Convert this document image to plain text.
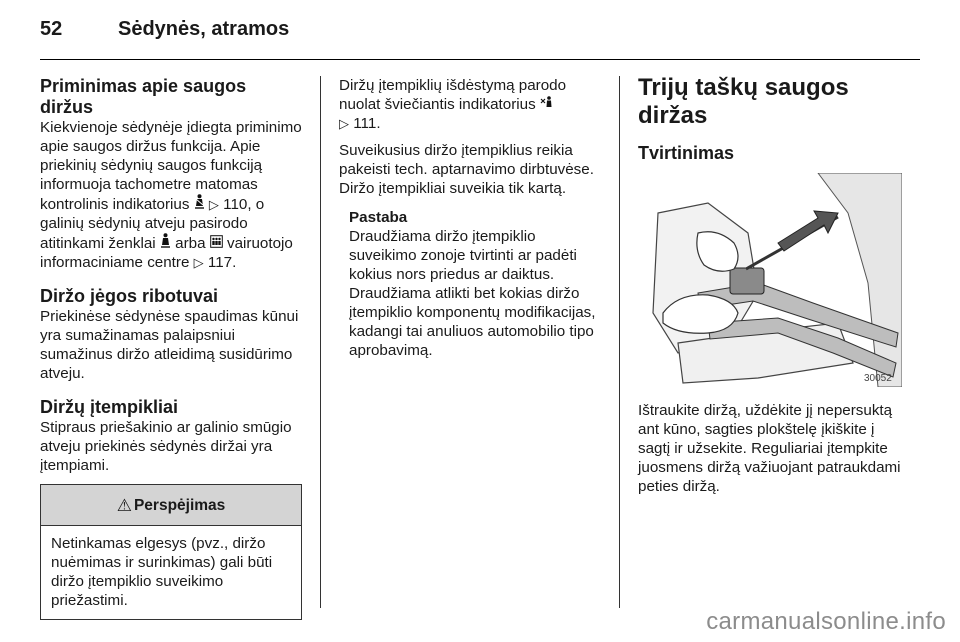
52	Sėdynės, atramos
Priminimas apie saugos diržus

Kiekvienoje sėdynėje įdiegta priminimo apie saugos diržus funkcija. Apie priekinių sėdynių saugos funkciją informuoja tachometre matomas kontrolinis indikatorius ▷ 110, o galinių sėdynių atveju pasirodo atitinkami ženklai arba vairuotojo informaciniame centre ▷ 117.

Diržo jėgos ribotuvai

Priekinėse sėdynėse spaudimas kūnui yra sumažinamas palaipsniui sumažinus diržo atleidimą susidūrimo atveju.

Diržų įtempikliai

Stipraus priešakinio ar galinio smūgio atveju priekinės sėdynės diržai yra įtempiami.

⚠ Perspėjimas
Netinkamas elgesys (pvz., diržo nuėmimas ir surinkimas) gali būti diržo įtempiklio suveikimo priežastimi.

Diržų įtempiklių išdėstymą parodo nuolat šviečiantis indikatorius
▷ 111.

Suveikusius diržo įtempiklius reikia pakeisti tech. aptarnavimo dirbtuvėse. Diržo įtempikliai suveikia tik kartą.

Pastaba
Draudžiama diržo įtempiklio suveikimo zonoje tvirtinti ar padėti kokius nors priedus ar daiktus. Draudžiama atlikti bet kokias diržo įtempiklio komponentų modifikacijas, kadangi tai anuliuos automobilio tipo aprobavimą.
Trijų taškų saugos diržas
Tvirtinimas
30052

Ištraukite diržą, uždėkite jį nepersuktą ant kūno, sagties plokštelę įkiškite į sagtį ir užsekite. Reguliariai įtempkite juosmens diržą važiuojant patraukdami peties diržą.

carmanualsonline.info
